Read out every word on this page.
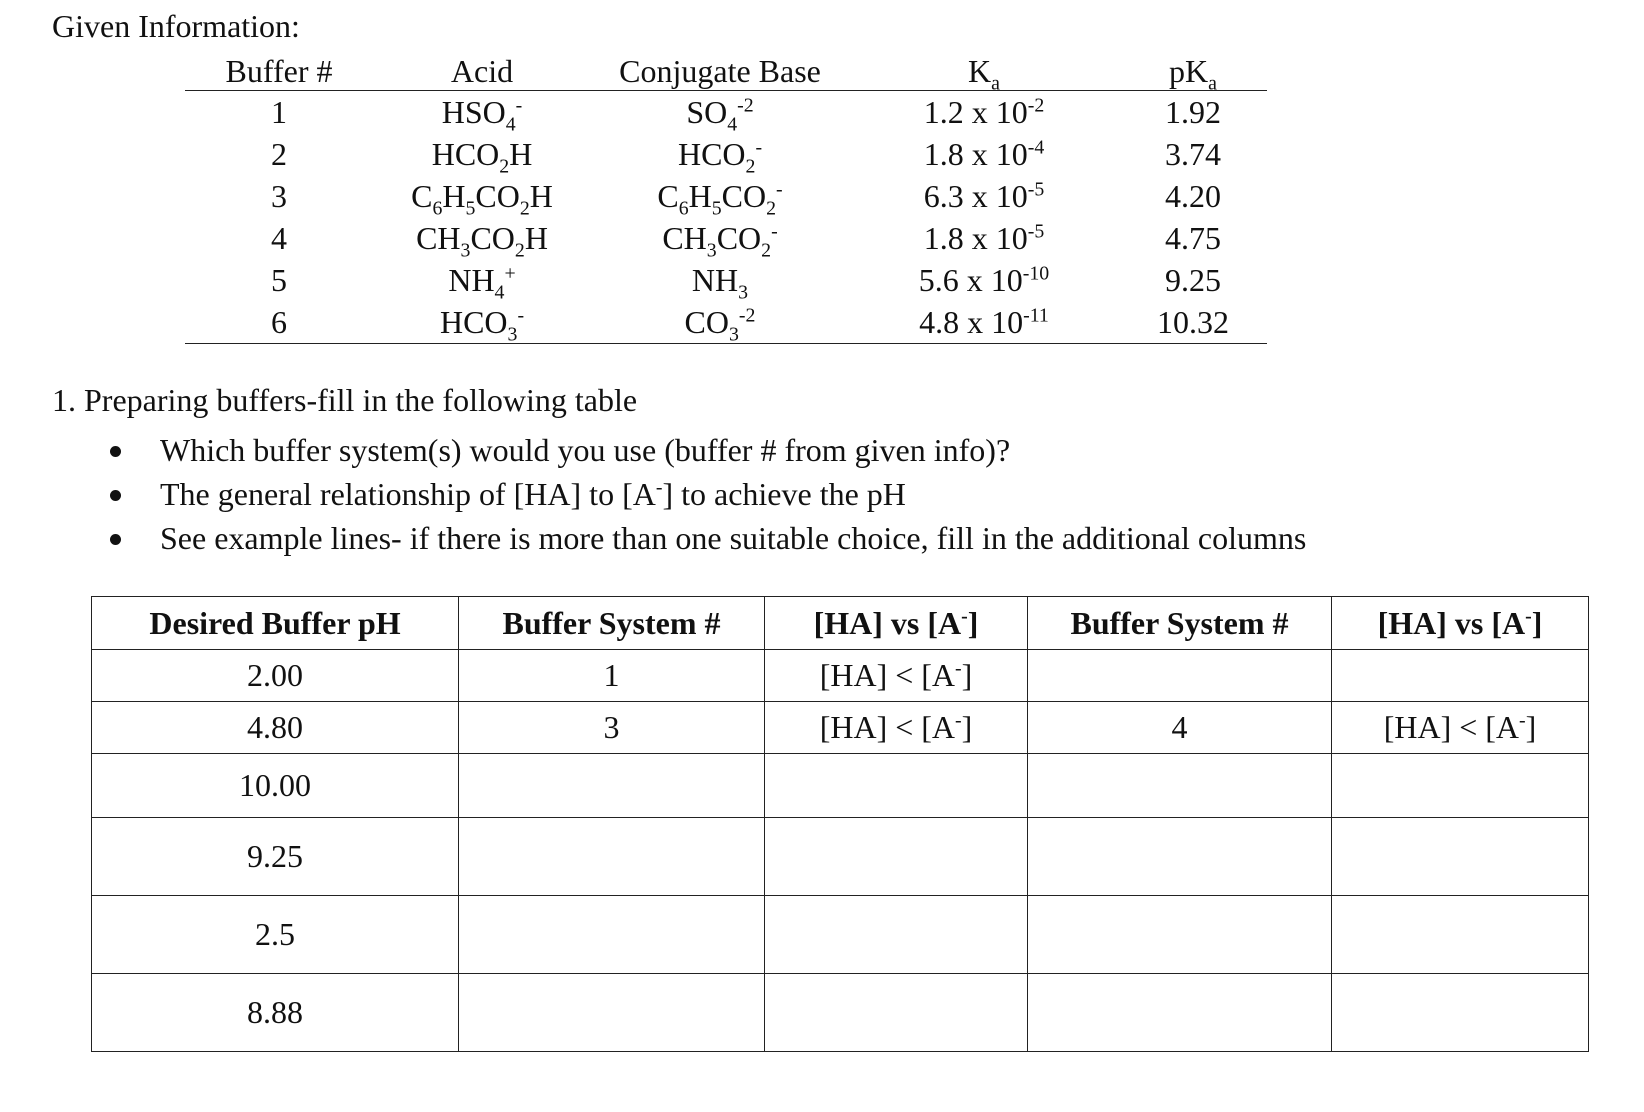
Given Information:
Buffer #	Acid	Conjugate Base	$K_a$	$pK_a$
1	$HSO_4^-$	$SO_4^{-2}$	1.2 x $10^{-2}$	1.92
2	$HCO_2H$	$HCO_2^-$	1.8 x $10^{-4}$	3.74
3	$C_6H_5CO_2H$	$C_6H_5CO_2^-$	6.3 x $10^{-5}$	4.20
4	$CH_3CO_2H$	$CH_3CO_2^-$	1.8 x $10^{-5}$	4.75
5	$NH_4^+$	$NH_3$	5.6 x $10^{-10}$	9.25
6	$HCO_3^-$	$CO_3^{-2}$	4.8 x $10^{-11}$	10.32
1. Preparing buffers-fill in the following table
Which buffer system(s) would you use (buffer # from given info)?
The general relationship of [HA] to [A-] to achieve the pH
See example lines- if there is more than one suitable choice, fill in the additional columns
Desired Buffer pH	Buffer System #	[HA] vs [A-]	Buffer System #	[HA] vs [A-]
2.00	1	[HA] < [A-]		
4.80	3	[HA] < [A-]	4	[HA] < [A-]
10.00				
9.25				
2.5				
8.88				
